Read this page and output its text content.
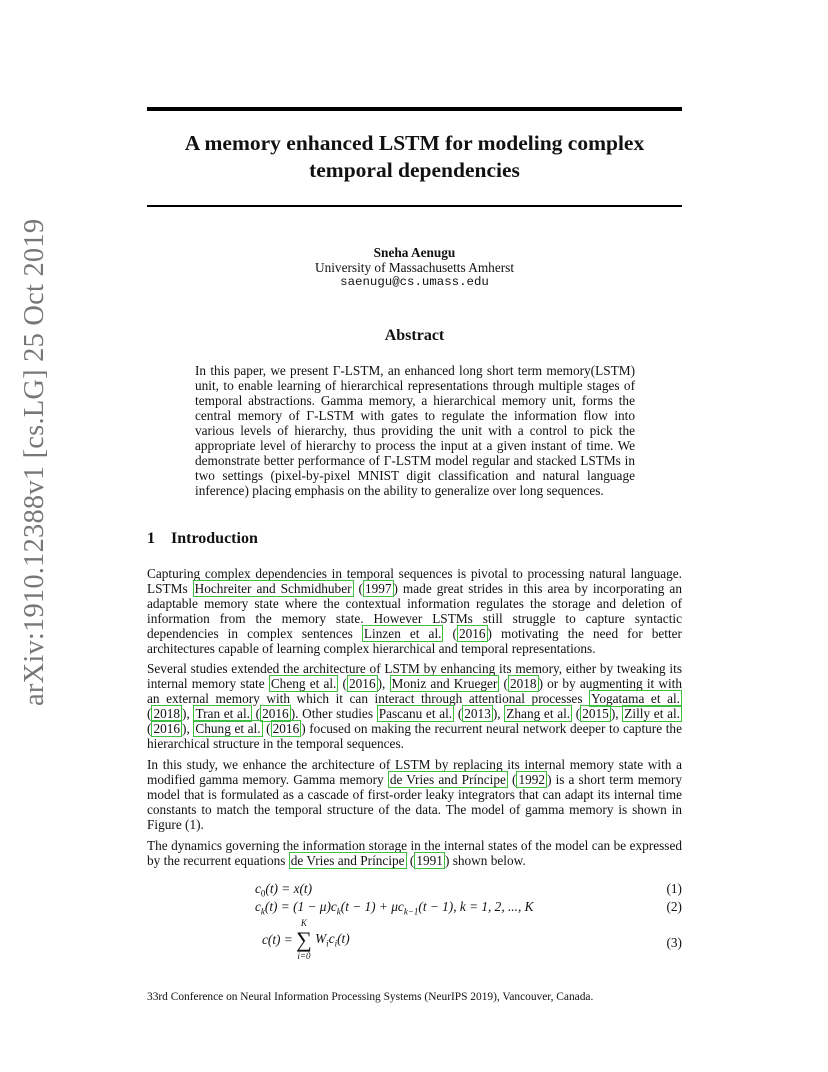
arXiv:1910.12388v1 [cs.LG] 25 Oct 2019
A memory enhanced LSTM for modeling complex
temporal dependencies
Sneha Aenugu
University of Massachusetts Amherst
saenugu@cs.umass.edu
Abstract

In this paper, we present Γ-LSTM, an enhanced long short term memory(LSTM) unit, to enable learning of hierarchical representations through multiple stages of temporal abstractions. Gamma memory, a hierarchical memory unit, forms the central memory of Γ-LSTM with gates to regulate the information flow into various levels of hierarchy, thus providing the unit with a control to pick the appropriate level of hierarchy to process the input at a given instant of time. We demonstrate better performance of Γ-LSTM model regular and stacked LSTMs in two settings (pixel-by-pixel MNIST digit classification and natural language inference) placing emphasis on the ability to generalize over long sequences.

1 Introduction

Capturing complex dependencies in temporal sequences is pivotal to processing natural language. LSTMs Hochreiter and Schmidhuber ( 1997 ) made great strides in this area by incorporating an adaptable memory state where the contextual information regulates the storage and deletion of information from the memory state. However LSTMs still struggle to capture syntactic dependencies in complex sentences Linzen et al. ( 2016 ) motivating the need for better architectures capable of learning complex hierarchical and temporal representations.

Several studies extended the architecture of LSTM by enhancing its memory, either by tweaking its internal memory state Cheng et al. ( 2016 ), Moniz and Krueger ( 2018 ) or by augmenting it with an external memory with which it can interact through attentional processes Yogatama et al. ( 2018 ), Tran et al. ( 2016 ). Other studies Pascanu et al. ( 2013 ), Zhang et al. ( 2015 ), Zilly et al. ( 2016 ), Chung et al. ( 2016 ) focused on making the recurrent neural network deeper to capture the hierarchical structure in the temporal sequences.

In this study, we enhance the architecture of LSTM by replacing its internal memory state with a modified gamma memory. Gamma memory de Vries and Príncipe ( 1992 ) is a short term memory model that is formulated as a cascade of first-order leaky integrators that can adapt its internal time constants to match the temporal structure of the data. The model of gamma memory is shown in Figure (1).

The dynamics governing the information storage in the internal states of the model can be expressed by the recurrent equations de Vries and Príncipe ( 1991 ) shown below.

$c_0(t) = x(t)$	(1)
$c_k(t) = (1 - \mu)c_k(t - 1) + \mu c_{k-1}(t - 1)$, k = 1, 2, ..., K	(2)
c(t) =
K
∑
i=0
$W_ic_i(t)$	(3)
33rd Conference on Neural Information Processing Systems (NeurIPS 2019), Vancouver, Canada.
